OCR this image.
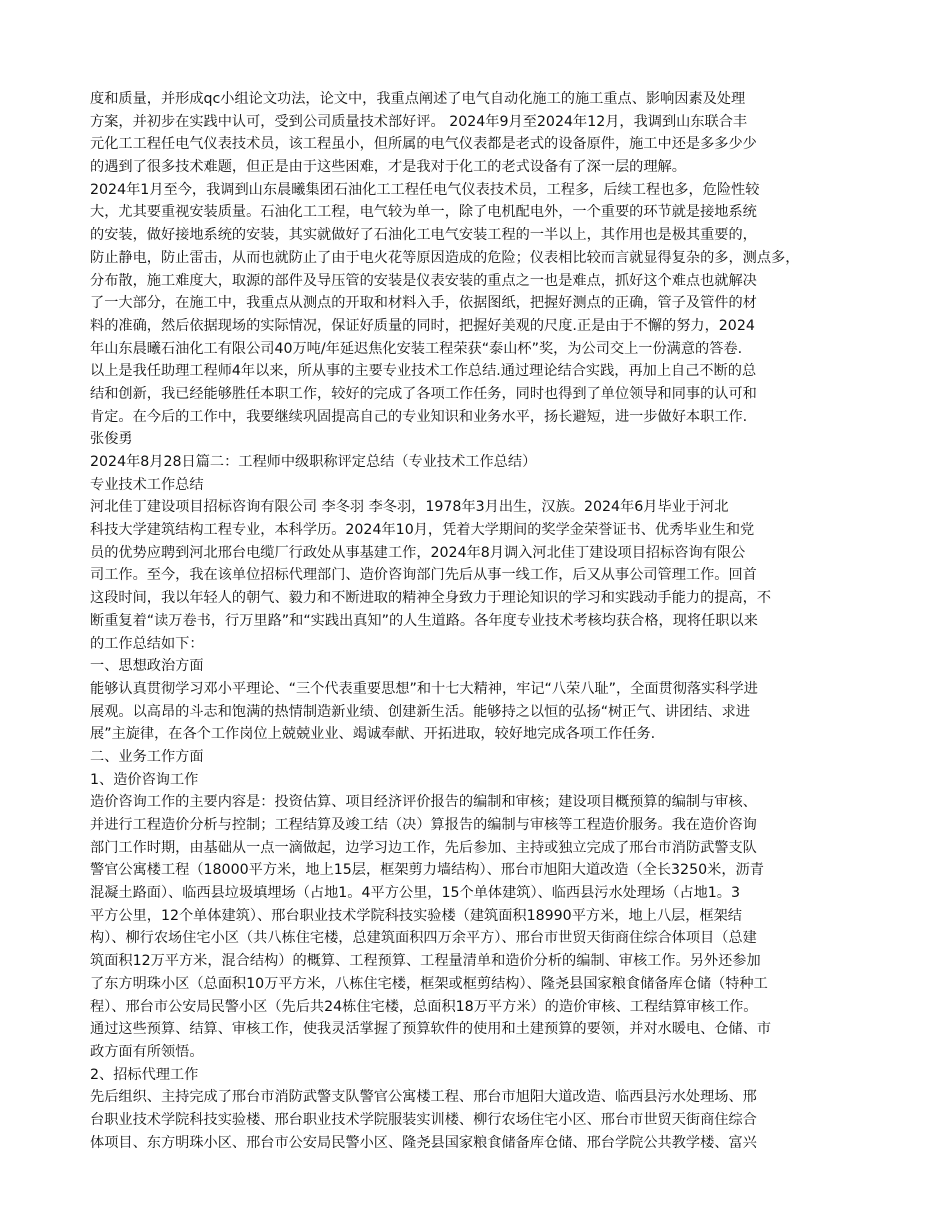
度和质量，并形成qc小组论文功法，论文中，我重点阐述了电气自动化施工的施工重点、影响因素及处理
方案，并初步在实践中认可，受到公司质量技术部好评。 2024年9月至2024年12月，我调到山东联合丰
元化工工程任电气仪表技术员，该工程虽小，但所属的电气仪表都是老式的设备原件，施工中还是多多少少
的遇到了很多技术难题，但正是由于这些困难，才是我对于化工的老式设备有了深一层的理解。
2024年1月至今，我调到山东晨曦集团石油化工工程任电气仪表技术员，工程多，后续工程也多，危险性较
大，尤其要重视安装质量。石油化工工程，电气较为单一，除了电机配电外，一个重要的环节就是接地系统
的安装，做好接地系统的安装，其实就做好了石油化工电气安装工程的一半以上，其作用也是极其重要的，
防止静电，防止雷击，从而也就防止了由于电火花等原因造成的危险；仪表相比较而言就显得复杂的多，测点多，
分布散，施工难度大，取源的部件及导压管的安装是仪表安装的重点之一也是难点，抓好这个难点也就解决
了一大部分，在施工中，我重点从测点的开取和材料入手，依据图纸，把握好测点的正确，管子及管件的材
料的准确，然后依据现场的实际情况，保证好质量的同时，把握好美观的尺度.正是由于不懈的努力，2024
年山东晨曦石油化工有限公司40万吨/年延迟焦化安装工程荣获“泰山杯”奖，为公司交上一份满意的答卷.
以上是我任助理工程师4年以来，所从事的主要专业技术工作总结.通过理论结合实践，再加上自己不断的总
结和创新，我已经能够胜任本职工作，较好的完成了各项工作任务，同时也得到了单位领导和同事的认可和
肯定。在今后的工作中，我要继续巩固提高自己的专业知识和业务水平，扬长避短，进一步做好本职工作.
张俊勇
2024年8月28日篇二：工程师中级职称评定总结（专业技术工作总结）
专业技术工作总结
河北佳丁建设项目招标咨询有限公司 李冬羽 李冬羽，1978年3月出生，汉族。2024年6月毕业于河北
科技大学建筑结构工程专业，本科学历。2024年10月，凭着大学期间的奖学金荣誉证书、优秀毕业生和党
员的优势应聘到河北邢台电缆厂行政处从事基建工作，2024年8月调入河北佳丁建设项目招标咨询有限公
司工作。至今，我在该单位招标代理部门、造价咨询部门先后从事一线工作，后又从事公司管理工作。回首
这段时间，我以年轻人的朝气、毅力和不断进取的精神全身致力于理论知识的学习和实践动手能力的提高，不
断重复着“读万卷书，行万里路”和“实践出真知”的人生道路。各年度专业技术考核均获合格，现将任职以来
的工作总结如下：
一、思想政治方面
能够认真贯彻学习邓小平理论、“三个代表重要思想”和十七大精神，牢记“八荣八耻”，全面贯彻落实科学进
展观。以高昂的斗志和饱满的热情制造新业绩、创建新生活。能够持之以恒的弘扬“树正气、讲团结、求进
展”主旋律，在各个工作岗位上兢兢业业、竭诚奉献、开拓进取，较好地完成各项工作任务.
二、业务工作方面
1、造价咨询工作
造价咨询工作的主要内容是：投资估算、项目经济评价报告的编制和审核；建设项目概预算的编制与审核、
并进行工程造价分析与控制；工程结算及竣工结（决）算报告的编制与审核等工程造价服务。我在造价咨询
部门工作时期，由基础从一点一滴做起，边学习边工作，先后参加、主持或独立完成了邢台市消防武警支队
警官公寓楼工程（18000平方米，地上15层，框架剪力墙结构）、邢台市旭阳大道改造（全长3250米，沥青
混凝土路面）、临西县垃圾填埋场（占地1。4平方公里，15个单体建筑）、临西县污水处理场（占地1。3
平方公里，12个单体建筑）、邢台职业技术学院科技实验楼（建筑面积18990平方米，地上八层，框架结
构）、柳行农场住宅小区（共八栋住宅楼，总建筑面积四万余平方）、邢台市世贸天街商住综合体项目（总建
筑面积12万平方米，混合结构）的概算、工程预算、工程量清单和造价分析的编制、审核工作。另外还参加
了东方明珠小区（总面积10万平方米，八栋住宅楼，框架或框剪结构）、隆尧县国家粮食储备库仓储（特种工
程）、邢台市公安局民警小区（先后共24栋住宅楼，总面积18万平方米）的造价审核、工程结算审核工作。
通过这些预算、结算、审核工作，使我灵活掌握了预算软件的使用和土建预算的要领，并对水暖电、仓储、市
政方面有所领悟。
2、招标代理工作
先后组织、主持完成了邢台市消防武警支队警官公寓楼工程、邢台市旭阳大道改造、临西县污水处理场、邢
台职业技术学院科技实验楼、邢台职业技术学院服装实训楼、柳行农场住宅小区、邢台市世贸天街商住综合
体项目、东方明珠小区、邢台市公安局民警小区、隆尧县国家粮食储备库仓储、邢台学院公共教学楼、富兴
